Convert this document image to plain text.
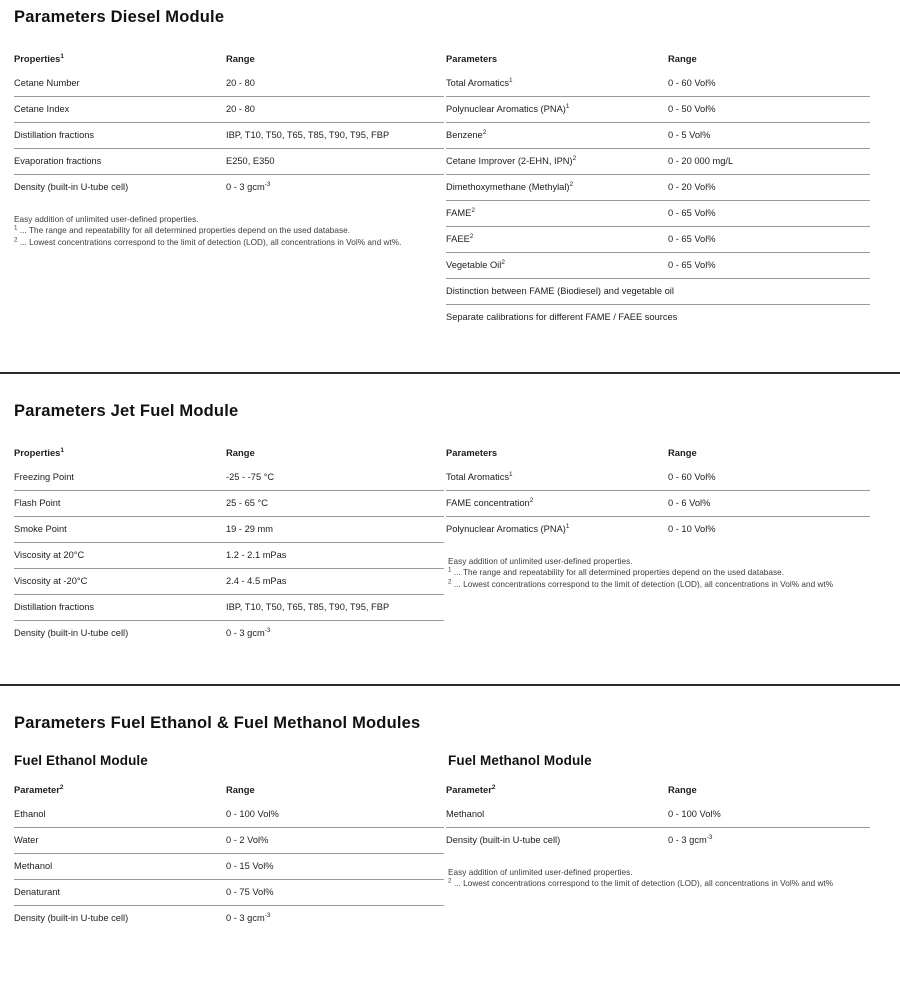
Parameters Diesel Module
Properties$^1$	Range
Cetane Number	20 - 80
Cetane Index	20 - 80
Distillation fractions	IBP, T10, T50, T65, T85, T90, T95, FBP
Evaporation fractions	E250, E350
Density (built-in U-tube cell)	0 - 3 gcm$^{-3}$
Easy addition of unlimited user-defined properties.
$^1$ ... The range and repeatability for all determined properties depend on the used database.
$^2$ ... Lowest concentrations correspond to the limit of detection (LOD), all concentrations in Vol% and wt%.
Parameters	Range
Total Aromatics$^1$	0 - 60 Vol%
Polynuclear Aromatics (PNA)$^1$	0 - 50 Vol%
Benzene$^2$	0 - 5 Vol%
Cetane Improver (2-EHN, IPN)$^2$	0 - 20 000 mg/L
Dimethoxymethane (Methylal)$^2$	0 - 20 Vol%
FAME$^2$	0 - 65 Vol%
FAEE$^2$	0 - 65 Vol%
Vegetable Oil$^2$	0 - 65 Vol%
Distinction between FAME (Biodiesel) and vegetable oil	
Separate calibrations for different FAME / FAEE sources	
Parameters Jet Fuel Module
Properties$^1$	Range
Freezing Point	-25 - -75 °C
Flash Point	25 - 65 °C
Smoke Point	19 - 29 mm
Viscosity at 20°C	1.2 - 2.1 mPas
Viscosity at -20°C	2.4 - 4.5 mPas
Distillation fractions	IBP, T10, T50, T65, T85, T90, T95, FBP
Density (built-in U-tube cell)	0 - 3 gcm$^{-3}$
Parameters	Range
Total Aromatics$^1$	0 - 60 Vol%
FAME concentration$^2$	0 - 6 Vol%
Polynuclear Aromatics (PNA)$^1$	0 - 10 Vol%
Easy addition of unlimited user-defined properties.
$^1$ ... The range and repeatability for all determined properties depend on the used database.
$^2$ ... Lowest concentrations correspond to the limit of detection (LOD), all concentrations in Vol% and wt%
Parameters Fuel Ethanol & Fuel Methanol Modules
Fuel Ethanol Module
Parameter$^2$	Range
Ethanol	0 - 100 Vol%
Water	0 - 2 Vol%
Methanol	0 - 15 Vol%
Denaturant	0 - 75 Vol%
Density (built-in U-tube cell)	0 - 3 gcm$^{-3}$
Fuel Methanol Module
Parameter$^2$	Range
Methanol	0 - 100 Vol%
Density (built-in U-tube cell)	0 - 3 gcm$^{-3}$
Easy addition of unlimited user-defined properties.
$^2$ ... Lowest concentrations correspond to the limit of detection (LOD), all concentrations in Vol% and wt%
